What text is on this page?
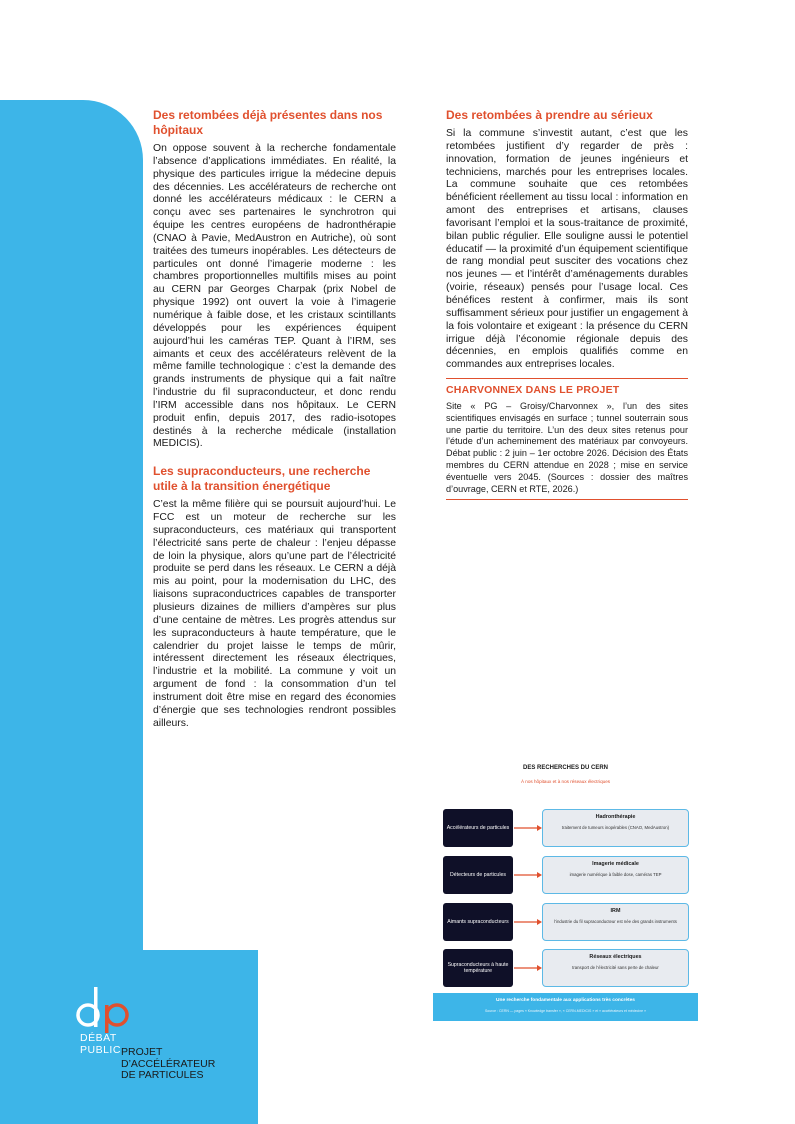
Des retombées déjà présentes dans nos hôpitaux

On oppose souvent à la recherche fondamentale l’absence d’applications immédiates. En réalité, la physique des particules irrigue la médecine depuis des décennies. Les accélérateurs de recherche ont donné les accélérateurs médicaux : le CERN a conçu avec ses partenaires le synchrotron qui équipe les centres européens de hadronthérapie (CNAO à Pavie, MedAustron en Autriche), où sont traitées des tumeurs inopérables. Les détecteurs de particules ont donné l’imagerie moderne : les chambres proportionnelles multifils mises au point au CERN par Georges Charpak (prix Nobel de physique 1992) ont ouvert la voie à l’imagerie numérique à faible dose, et les cristaux scintillants développés pour les expériences équipent aujourd’hui les caméras TEP. Quant à l’IRM, ses aimants et ceux des accélérateurs relèvent de la même famille technologique : c’est la demande des grands instruments de physique qui a fait naître l’industrie du fil supraconducteur, et donc rendu l’IRM accessible dans nos hôpitaux. Le CERN produit enfin, depuis 2017, des radio-isotopes destinés à la recherche médicale (installation MEDICIS).

Les supraconducteurs, une recherche utile à la transition énergétique

C’est la même filière qui se poursuit aujourd’hui. Le FCC est un moteur de recherche sur les supraconducteurs, ces matériaux qui transportent l’électricité sans perte de chaleur : l’enjeu dépasse de loin la physique, alors qu’une part de l’électricité produite se perd dans les réseaux. Le CERN a déjà mis au point, pour la modernisation du LHC, des liaisons supraconductrices capables de transporter plusieurs dizaines de milliers d’ampères sur plus d’une centaine de mètres. Les progrès attendus sur les supraconducteurs à haute température, que le calendrier du projet laisse le temps de mûrir, intéressent directement les réseaux électriques, l’industrie et la mobilité. La commune y voit un argument de fond : la consommation d’un tel instrument doit être mise en regard des économies d’énergie que ses technologies rendront possibles ailleurs.

Des retombées à prendre au sérieux

Si la commune s’investit autant, c’est que les retombées justifient d’y regarder de près : innovation, formation de jeunes ingénieurs et techniciens, marchés pour les entreprises locales. La commune souhaite que ces retombées bénéficient réellement au tissu local : information en amont des entreprises et artisans, clauses favorisant l’emploi et la sous-traitance de proximité, bilan public régulier. Elle souligne aussi le potentiel éducatif — la proximité d’un équipement scientifique de rang mondial peut susciter des vocations chez nos jeunes — et l’intérêt d’aménagements durables (voirie, réseaux) pensés pour l’usage local. Ces bénéfices restent à confirmer, mais ils sont suffisamment sérieux pour justifier un engagement à la fois volontaire et exigeant : la présence du CERN irrigue déjà l’économie régionale depuis des décennies, en emplois qualifiés comme en commandes aux entreprises locales.

CHARVONNEX DANS LE PROJET

Site « PG – Groisy/Charvonnex », l’un des sites scientifiques envisagés en surface ; tunnel souterrain sous une partie du territoire. L’un des deux sites retenus pour l’étude d’un acheminement des matériaux par convoyeurs. Débat public : 2 juin – 1er octobre 2026. Décision des États membres du CERN attendue en 2028 ; mise en service éventuelle vers 2045. (Sources : dossier des maîtres d’ouvrage, CERN et RTE, 2026.)

DES RECHERCHES DU CERN
À nos hôpitaux et à nos réseaux électriques
Accélérateurs de particules
Hadronthérapie
traitement de tumeurs inopérables (CNAO, MedAustron)
Détecteurs de particules
Imagerie médicale
imagerie numérique à faible dose, caméras TEP
Aimants supraconducteurs
IRM
l’industrie du fil supraconducteur est née des grands instruments
Supraconducteurs à haute température
Réseaux électriques
transport de l’électricité sans perte de chaleur
Une recherche fondamentale aux applications très concrètes
Source : CERN — pages « Knowledge transfer », « CERN-MEDICIS » et « accélérateurs et médecine »
DÉBAT
PUBLIC PROJET
D’ACCÉLÉRATEUR
DE PARTICULES
